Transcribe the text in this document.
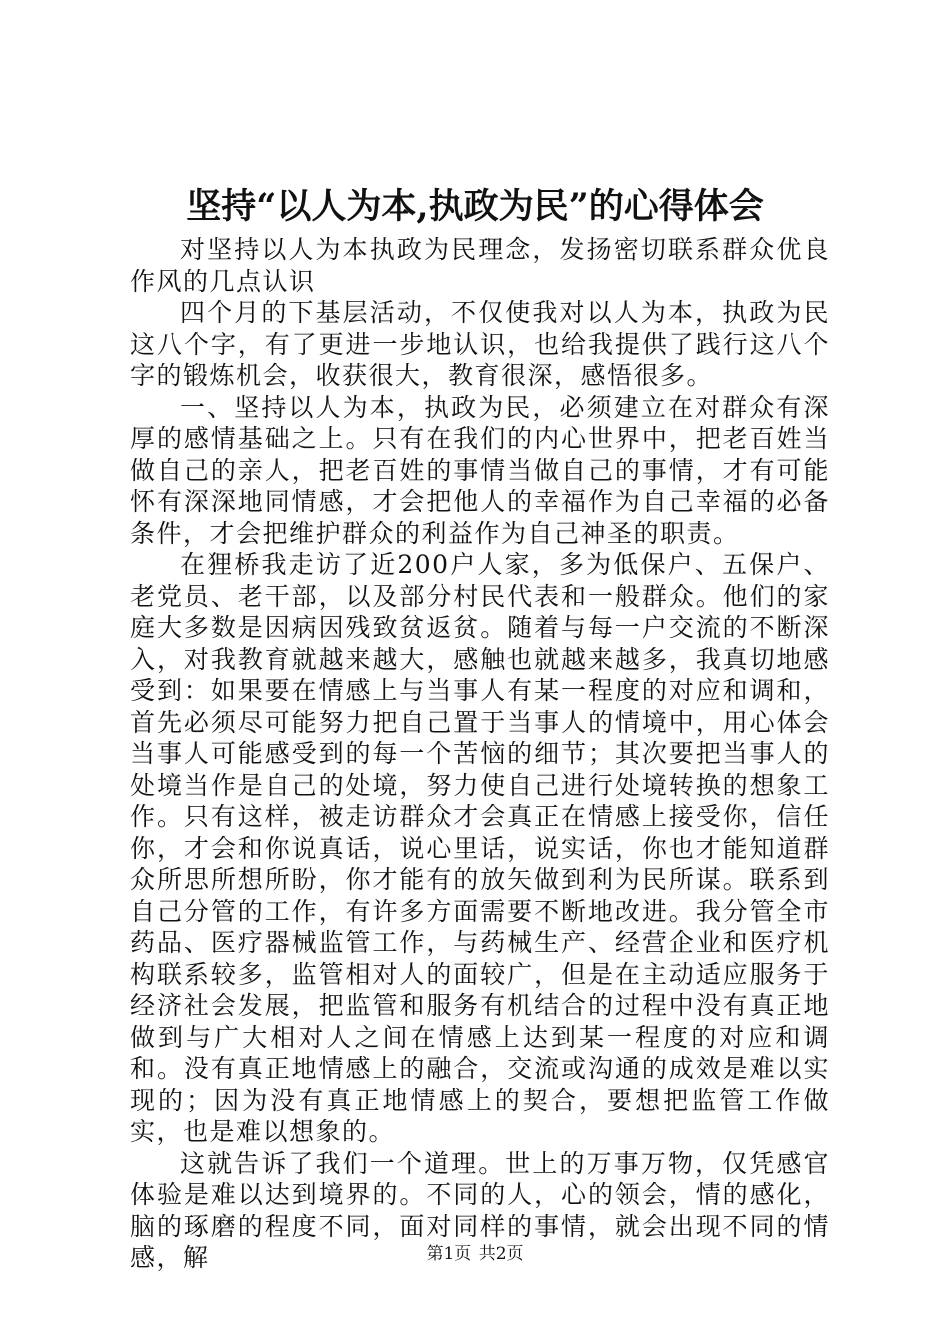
坚持“以人为本,执政为民”的心得体会

对坚持以人为本执政为民理念，发扬密切联系群众优良作风的几点认识

四个月的下基层活动，不仅使我对以人为本，执政为民这八个字，有了更进一步地认识，也给我提供了践行这八个字的锻炼机会，收获很大，教育很深，感悟很多。

一、坚持以人为本，执政为民，必须建立在对群众有深厚的感情基础之上。只有在我们的内心世界中，把老百姓当做自己的亲人，把老百姓的事情当做自己的事情，才有可能怀有深深地同情感，才会把他人的幸福作为自己幸福的必备条件，才会把维护群众的利益作为自己神圣的职责。

在狸桥我走访了近200户人家，多为低保户、五保户、老党员、老干部，以及部分村民代表和一般群众。他们的家庭大多数是因病因残致贫返贫。随着与每一户交流的不断深入，对我教育就越来越大，感触也就越来越多，我真切地感受到：如果要在情感上与当事人有某一程度的对应和调和，首先必须尽可能努力把自己置于当事人的情境中，用心体会当事人可能感受到的每一个苦恼的细节；其次要把当事人的处境当作是自己的处境，努力使自己进行处境转换的想象工作。只有这样，被走访群众才会真正在情感上接受你，信任你，才会和你说真话，说心里话，说实话，你也才能知道群众所思所想所盼，你才能有的放矢做到利为民所谋。联系到自己分管的工作，有许多方面需要不断地改进。我分管全市药品、医疗器械监管工作，与药械生产、经营企业和医疗机构联系较多，监管相对人的面较广，但是在主动适应服务于经济社会发展，把监管和服务有机结合的过程中没有真正地做到与广大相对人之间在情感上达到某一程度的对应和调和。没有真正地情感上的融合，交流或沟通的成效是难以实现的；因为没有真正地情感上的契合，要想把监管工作做实，也是难以想象的。

这就告诉了我们一个道理。世上的万事万物，仅凭感官体验是难以达到境界的。不同的人，心的领会，情的感化，脑的琢磨的程度不同，面对同样的事情，就会出现不同的情感，解	第1页 共2页
